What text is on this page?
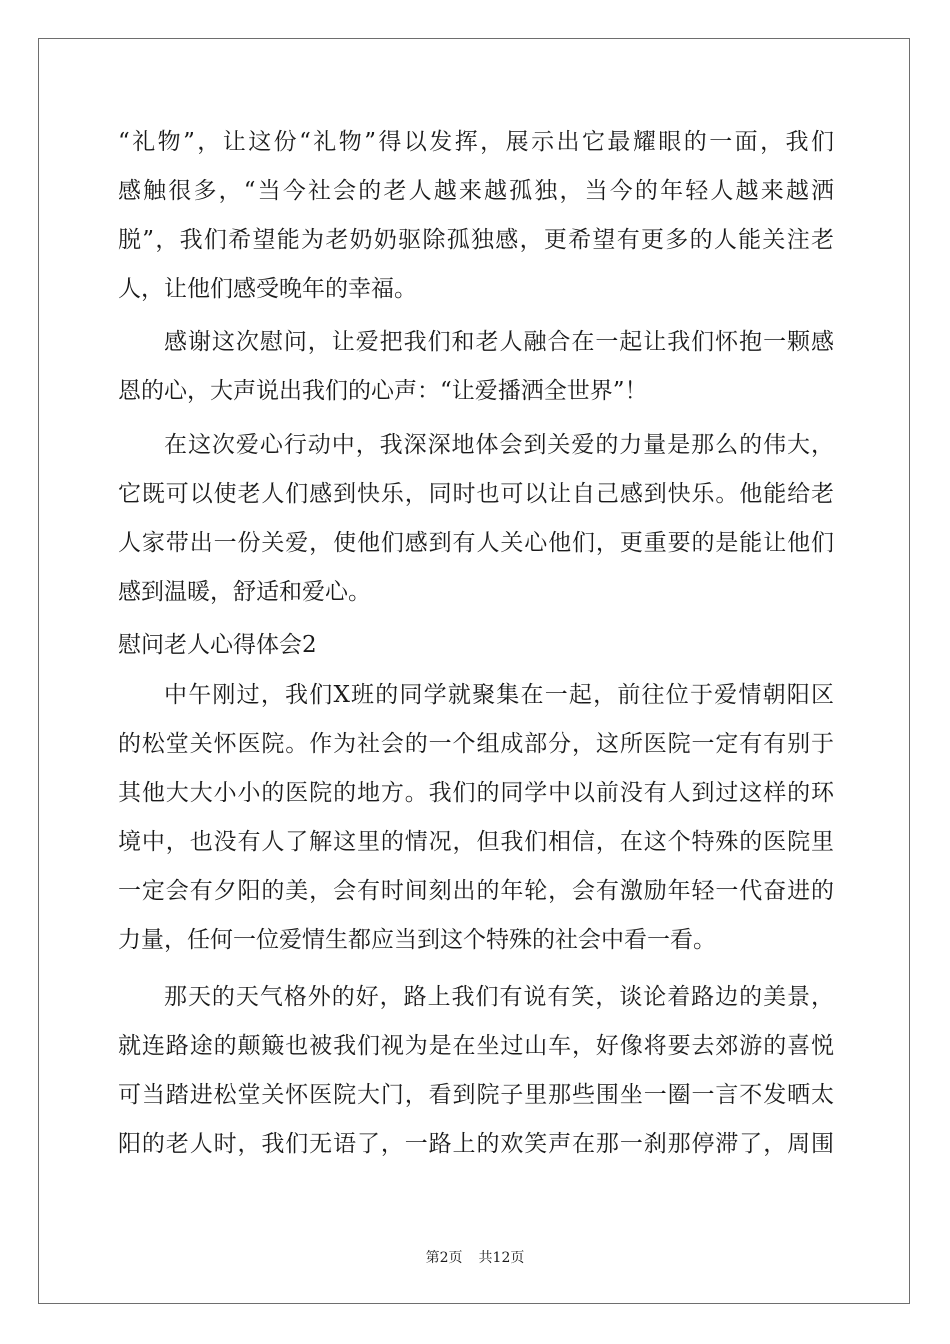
“礼物”，让这份“礼物”得以发挥，展示出它最耀眼的一面，我们
感触很多，“当今社会的老人越来越孤独，当今的年轻人越来越洒
脱”，我们希望能为老奶奶驱除孤独感，更希望有更多的人能关注老
人，让他们感受晚年的幸福。
感谢这次慰问，让爱把我们和老人融合在一起让我们怀抱一颗感
恩的心，大声说出我们的心声：“让爱播洒全世界”！
在这次爱心行动中，我深深地体会到关爱的力量是那么的伟大，
它既可以使老人们感到快乐，同时也可以让自己感到快乐。他能给老
人家带出一份关爱，使他们感到有人关心他们，更重要的是能让他们
感到温暖，舒适和爱心。
慰问老人心得体会2
中午刚过，我们X班的同学就聚集在一起，前往位于爱情朝阳区
的松堂关怀医院。作为社会的一个组成部分，这所医院一定有有别于
其他大大小小的医院的地方。我们的同学中以前没有人到过这样的环
境中，也没有人了解这里的情况，但我们相信，在这个特殊的医院里
一定会有夕阳的美，会有时间刻出的年轮，会有激励年轻一代奋进的
力量，任何一位爱情生都应当到这个特殊的社会中看一看。
那天的天气格外的好，路上我们有说有笑，谈论着路边的美景，
就连路途的颠簸也被我们视为是在坐过山车，好像将要去郊游的喜悦
可当踏进松堂关怀医院大门，看到院子里那些围坐一圈一言不发晒太
阳的老人时，我们无语了，一路上的欢笑声在那一刹那停滞了，周围
第2页 共12页
